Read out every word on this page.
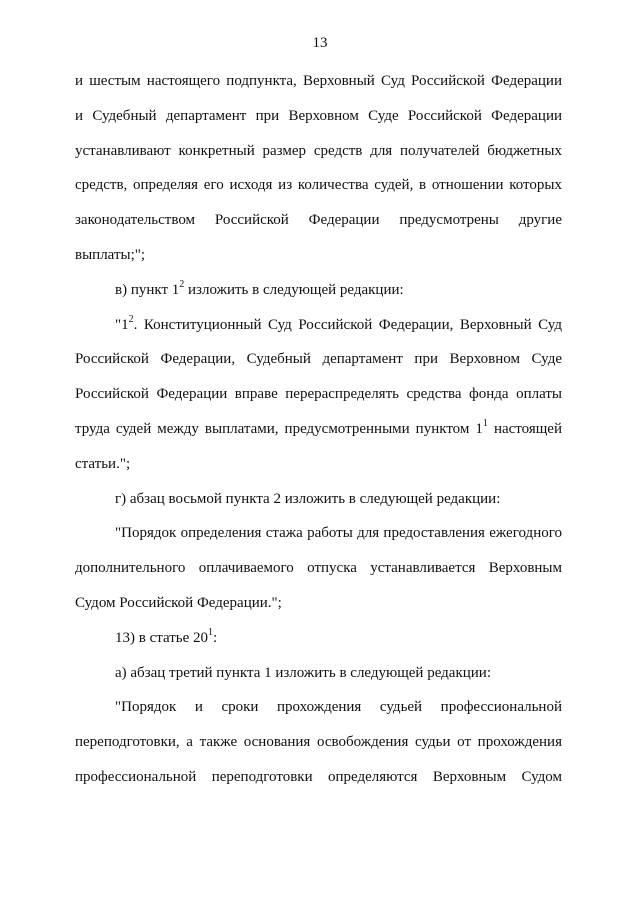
13
и шестым настоящего подпункта, Верховный Суд Российской Федерации
и Судебный департамент при Верховном Суде Российской Федерации
устанавливают конкретный размер средств для получателей бюджетных
средств, определяя его исходя из количества судей, в отношении которых
законодательством Российской Федерации предусмотрены другие
выплаты;";
в) пункт $1^2$ изложить в следующей редакции:
"$1^2$. Конституционный Суд Российской Федерации, Верховный Суд
Российской Федерации, Судебный департамент при Верховном Суде
Российской Федерации вправе перераспределять средства фонда оплаты
труда судей между выплатами, предусмотренными пунктом $1^1$ настоящей
статьи.";
г) абзац восьмой пункта 2 изложить в следующей редакции:
"Порядок определения стажа работы для предоставления ежегодного
дополнительного оплачиваемого отпуска устанавливается Верховным
Судом Российской Федерации.";
13) в статье $20^1$:
а) абзац третий пункта 1 изложить в следующей редакции:
"Порядок и сроки прохождения судьей профессиональной
переподготовки, а также основания освобождения судьи от прохождения
профессиональной переподготовки определяются Верховным Судом
